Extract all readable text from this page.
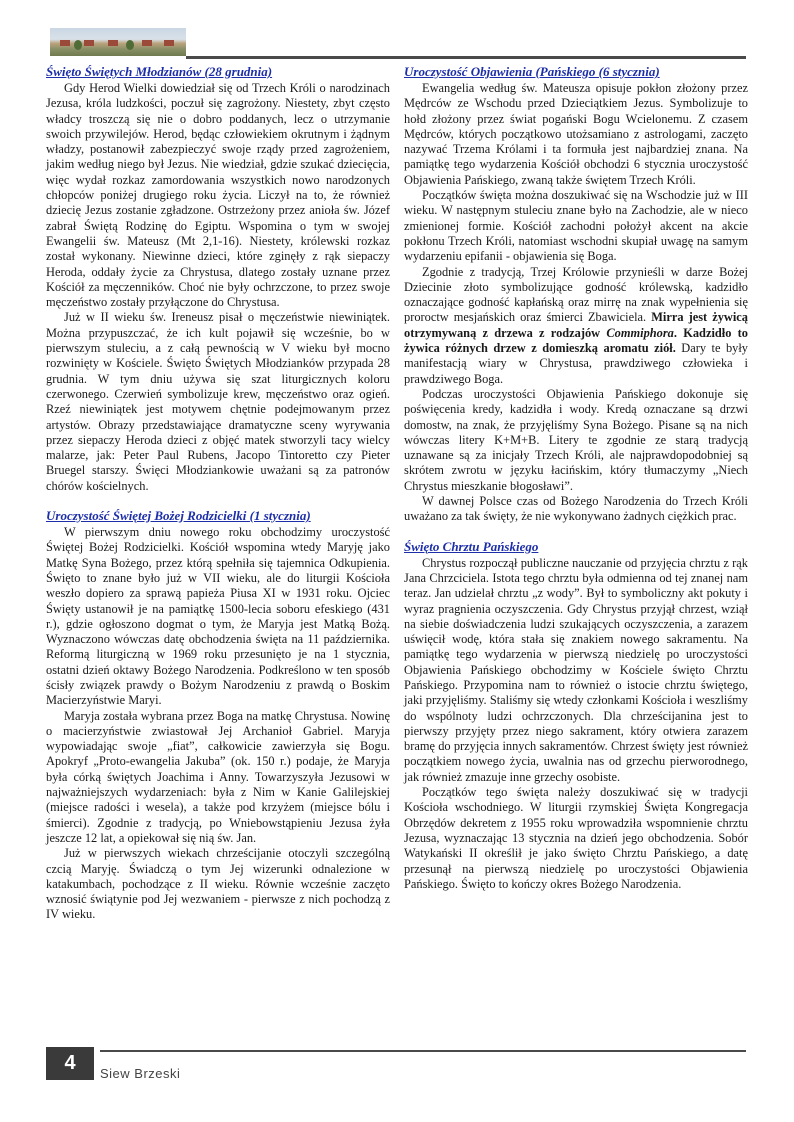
Święto Świętych Młodzianów (28 grudnia)

Gdy Herod Wielki dowiedział się od Trzech Króli o narodzinach Jezusa, króla ludzkości, poczuł się zagrożony. Niestety, zbyt często władcy troszczą się nie o dobro poddanych, lecz o utrzymanie swoich przywilejów. Herod, będąc człowiekiem okrutnym i żądnym władzy, postanowił zabezpieczyć swoje rządy przed zagrożeniem, jakim według niego był Jezus. Nie wiedział, gdzie szukać dziecięcia, więc wydał rozkaz zamordowania wszystkich nowo narodzonych chłopców poniżej drugiego roku życia. Liczył na to, że również dziecię Jezus zostanie zgładzone. Ostrzeżony przez anioła św. Józef zabrał Świętą Rodzinę do Egiptu. Wspomina o tym w swojej Ewangelii św. Mateusz (Mt 2,1-16). Niestety, królewski rozkaz został wykonany. Niewinne dzieci, które zginęły z rąk siepaczy Heroda, oddały życie za Chrystusa, dlatego zostały uznane przez Kościół za męczenników. Choć nie były ochrzczone, to przez swoje męczeństwo zostały przyłączone do Chrystusa.

Już w II wieku św. Ireneusz pisał o męczeństwie niewiniątek. Można przypuszczać, że ich kult pojawił się wcześnie, bo w pierwszym stuleciu, a z całą pewnością w V wieku był mocno rozwinięty w Kościele. Święto Świętych Młodzianków przypada 28 grudnia. W tym dniu używa się szat liturgicznych koloru czerwonego. Czerwień symbolizuje krew, męczeństwo oraz ogień. Rzeź niewiniątek jest motywem chętnie podejmowanym przez artystów. Obrazy przedstawiające dramatyczne sceny wyrywania przez siepaczy Heroda dzieci z objęć matek stworzyli tacy wielcy malarze, jak: Peter Paul Rubens, Jacopo Tintoretto czy Pieter Bruegel starszy. Święci Młodziankowie uważani są za patronów chórów kościelnych.

Uroczystość Świętej Bożej Rodzicielki (1 stycznia)

W pierwszym dniu nowego roku obchodzimy uroczystość Świętej Bożej Rodzicielki. Kościół wspomina wtedy Maryję jako Matkę Syna Bożego, przez którą spełniła się tajemnica Odkupienia. Święto to znane było już w VII wieku, ale do liturgii Kościoła weszło dopiero za sprawą papieża Piusa XI w 1931 roku. Ojciec Święty ustanowił je na pamiątkę 1500-lecia soboru efeskiego (431 r.), gdzie ogłoszono dogmat o tym, że Maryja jest Matką Bożą. Wyznaczono wówczas datę obchodzenia święta na 11 października. Reformą liturgiczną w 1969 roku przesunięto je na 1 stycznia, ostatni dzień oktawy Bożego Narodzenia. Podkreślono w ten sposób ścisły związek prawdy o Bożym Narodzeniu z prawdą o Boskim Macierzyństwie Maryi.

Maryja została wybrana przez Boga na matkę Chrystusa. Nowinę o macierzyństwie zwiastował Jej Archanioł Gabriel. Maryja wypowiadając swoje „fiat”, całkowicie zawierzyła się Bogu. Apokryf „Proto-ewangelia Jakuba” (ok. 150 r.) podaje, że Maryja była córką świętych Joachima i Anny. Towarzyszyła Jezusowi w najważniejszych wydarzeniach: była z Nim w Kanie Galilejskiej (miejsce radości i wesela), a także pod krzyżem (miejsce bólu i śmierci). Zgodnie z tradycją, po Wniebowstąpieniu Jezusa żyła jeszcze 12 lat, a opiekował się nią św. Jan.

Już w pierwszych wiekach chrześcijanie otoczyli szczególną czcią Maryję. Świadczą o tym Jej wizerunki odnalezione w katakumbach, pochodzące z II wieku. Równie wcześnie zaczęto wznosić świątynie pod Jej wezwaniem - pierwsze z nich pochodzą z IV wieku.

Uroczystość Objawienia (Pańskiego (6 stycznia)

Ewangelia według św. Mateusza opisuje pokłon złożony przez Mędrców ze Wschodu przed Dzieciątkiem Jezus. Symbolizuje to hołd złożony przez świat pogański Bogu Wcielonemu. Z czasem Mędrców, których początkowo utożsamiano z astrologami, zaczęto nazywać Trzema Królami i ta formuła jest najbardziej znana. Na pamiątkę tego wydarzenia Kościół obchodzi 6 stycznia uroczystość Objawienia Pańskiego, zwaną także świętem Trzech Króli.

Początków święta można doszukiwać się na Wschodzie już w III wieku. W następnym stuleciu znane było na Zachodzie, ale w nieco zmienionej formie. Kościół zachodni położył akcent na akcie pokłonu Trzech Króli, natomiast wschodni skupiał uwagę na samym wydarzeniu epifanii - objawienia się Boga.

Zgodnie z tradycją, Trzej Królowie przynieśli w darze Bożej Dziecinie złoto symbolizujące godność królewską, kadzidło oznaczające godność kapłańską oraz mirrę na znak wypełnienia się proroctw mesjańskich oraz śmierci Zbawiciela. Mirra jest żywicą otrzymywaną z drzewa z rodzajów Commiphora. Kadzidło to żywica różnych drzew z domieszką aromatu ziół. Dary te były manifestacją wiary w Chrystusa, prawdziwego człowieka i prawdziwego Boga.

Podczas uroczystości Objawienia Pańskiego dokonuje się poświęcenia kredy, kadzidła i wody. Kredą oznaczane są drzwi domostw, na znak, że przyjęliśmy Syna Bożego. Pisane są na nich wówczas litery K+M+B. Litery te zgodnie ze starą tradycją uznawane są za inicjały Trzech Króli, ale najprawdopodobniej są skrótem zwrotu w języku łacińskim, który tłumaczymy „Niech Chrystus mieszkanie błogosławi”.

W dawnej Polsce czas od Bożego Narodzenia do Trzech Króli uważano za tak święty, że nie wykonywano żadnych ciężkich prac.

Święto Chrztu Pańskiego

Chrystus rozpoczął publiczne nauczanie od przyjęcia chrztu z rąk Jana Chrzciciela. Istota tego chrztu była odmienna od tej znanej nam teraz. Jan udzielał chrztu „z wody”. Był to symboliczny akt pokuty i wyraz pragnienia oczyszczenia. Gdy Chrystus przyjął chrzest, wziął na siebie doświadczenia ludzi szukających oczyszczenia, a zarazem uświęcił wodę, która stała się znakiem nowego sakramentu. Na pamiątkę tego wydarzenia w pierwszą niedzielę po uroczystości Objawienia Pańskiego obchodzimy w Kościele święto Chrztu Pańskiego. Przypomina nam to również o istocie chrztu świętego, jaki przyjęliśmy. Staliśmy się wtedy członkami Kościoła i weszliśmy do wspólnoty ludzi ochrzczonych. Dla chrześcijanina jest to pierwszy przyjęty przez niego sakrament, który otwiera zarazem bramę do przyjęcia innych sakramentów. Chrzest święty jest również początkiem nowego życia, uwalnia nas od grzechu pierworodnego, jak również zmazuje inne grzechy osobiste.

Początków tego święta należy doszukiwać się w tradycji Kościoła wschodniego. W liturgii rzymskiej Święta Kongregacja Obrzędów dekretem z 1955 roku wprowadziła wspomnienie chrztu Jezusa, wyznaczając 13 stycznia na dzień jego obchodzenia. Sobór Watykański II określił je jako święto Chrztu Pańskiego, a datę przesunął na pierwszą niedzielę po uroczystości Objawienia Pańskiego. Święto to kończy okres Bożego Narodzenia.

4	Siew Brzeski
